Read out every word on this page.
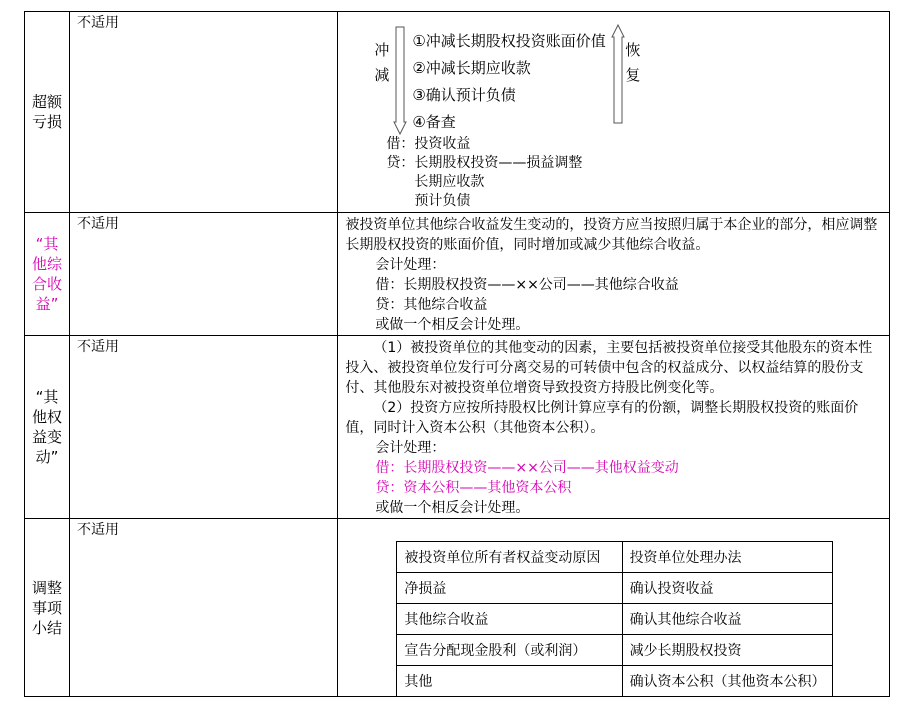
超额
亏损
	不适用	
冲
减
①冲减长期股权投资账面价值
②冲减长期应收款
③确认预计负债
④备查
恢
复
借：投资收益
贷：长期股权投资——损益调整
长期应收款
预计负债

“其
他综
合收
益”
	不适用	被投资单位其他综合收益发生变动的，投资方应当按照归属于本企业的部分，相应调整长期股权投资的账面价值，同时增加或减少其他综合收益。
会计处理：
借：长期股权投资——××公司——其他综合收益
贷：其他综合收益
或做一个相反会计处理。

“其
他权
益变
动”
	不适用	（1）被投资单位的其他变动的因素，主要包括被投资单位接受其他股东的资本性投入、被投资单位发行可分离交易的可转债中包含的权益成分、以权益结算的股份支付、其他股东对被投资单位增资导致投资方持股比例变化等。
（2）投资方应按所持股权比例计算应享有的份额，调整长期股权投资的账面价值，同时计入资本公积（其他资本公积）。
会计处理：
借：长期股权投资——××公司——其他权益变动
贷：资本公积——其他资本公积
或做一个相反会计处理。

调整
事项
小结
	不适用	
被投资单位所有者权益变动原因	投资单位处理办法
净损益	确认投资收益
其他综合收益	确认其他综合收益
宣告分配现金股利（或利润）	减少长期股权投资
其他	确认资本公积（其他资本公积）
